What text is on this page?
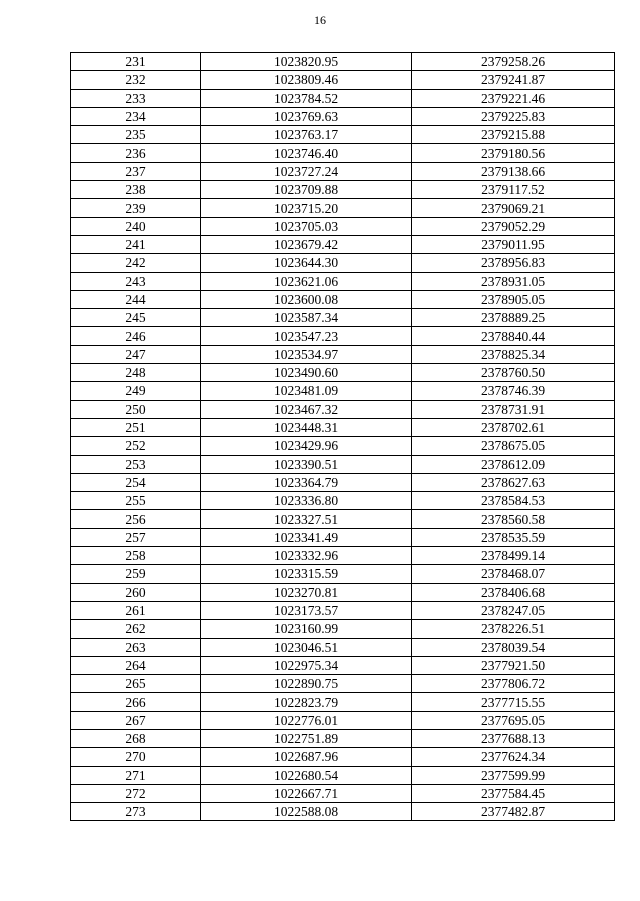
16
231	1023820.95	2379258.26
232	1023809.46	2379241.87
233	1023784.52	2379221.46
234	1023769.63	2379225.83
235	1023763.17	2379215.88
236	1023746.40	2379180.56
237	1023727.24	2379138.66
238	1023709.88	2379117.52
239	1023715.20	2379069.21
240	1023705.03	2379052.29
241	1023679.42	2379011.95
242	1023644.30	2378956.83
243	1023621.06	2378931.05
244	1023600.08	2378905.05
245	1023587.34	2378889.25
246	1023547.23	2378840.44
247	1023534.97	2378825.34
248	1023490.60	2378760.50
249	1023481.09	2378746.39
250	1023467.32	2378731.91
251	1023448.31	2378702.61
252	1023429.96	2378675.05
253	1023390.51	2378612.09
254	1023364.79	2378627.63
255	1023336.80	2378584.53
256	1023327.51	2378560.58
257	1023341.49	2378535.59
258	1023332.96	2378499.14
259	1023315.59	2378468.07
260	1023270.81	2378406.68
261	1023173.57	2378247.05
262	1023160.99	2378226.51
263	1023046.51	2378039.54
264	1022975.34	2377921.50
265	1022890.75	2377806.72
266	1022823.79	2377715.55
267	1022776.01	2377695.05
268	1022751.89	2377688.13
270	1022687.96	2377624.34
271	1022680.54	2377599.99
272	1022667.71	2377584.45
273	1022588.08	2377482.87
